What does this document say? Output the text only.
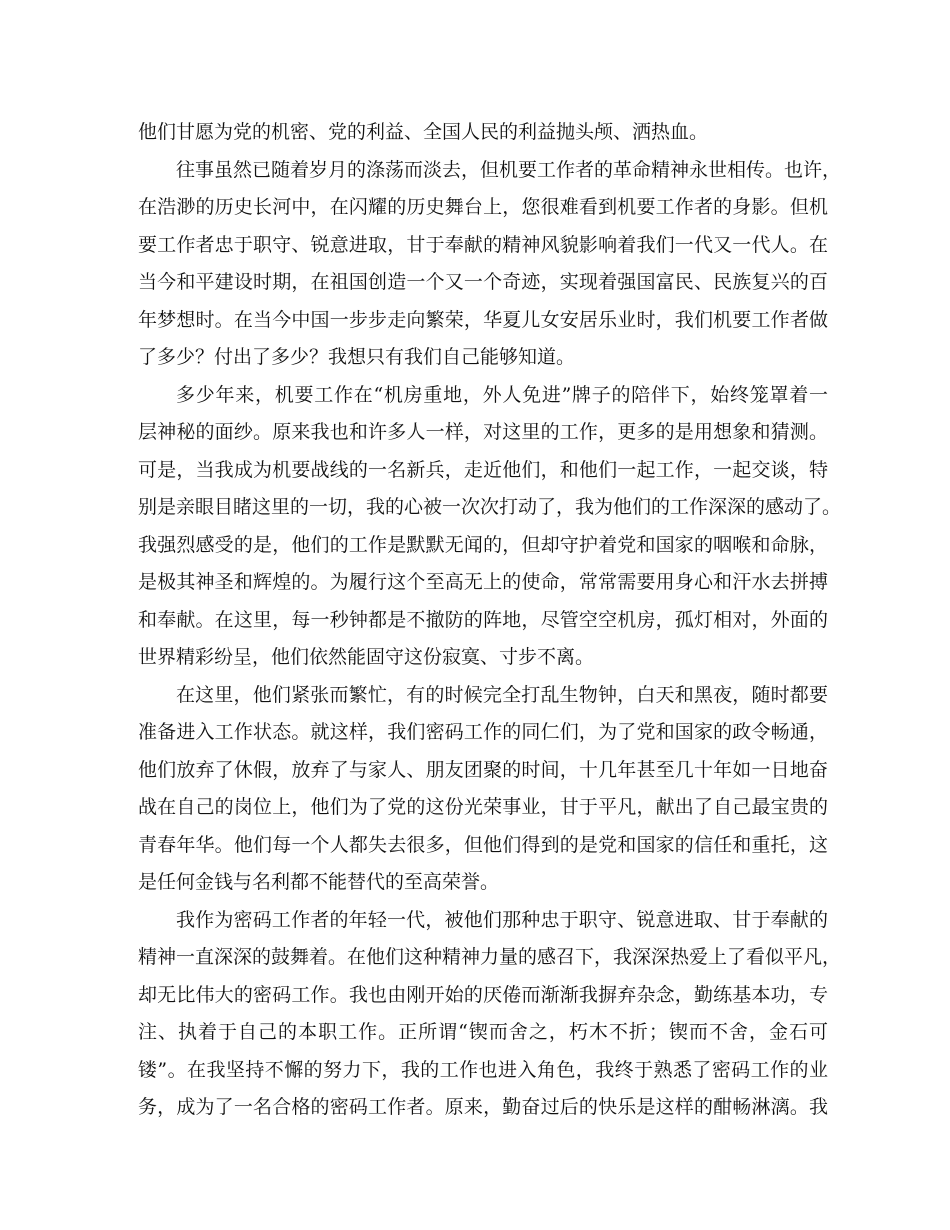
他们甘愿为党的机密、党的利益、全国人民的利益抛头颅、洒热血。
往事虽然已随着岁月的涤荡而淡去，但机要工作者的革命精神永世相传。也许，
在浩渺的历史长河中，在闪耀的历史舞台上，您很难看到机要工作者的身影。但机
要工作者忠于职守、锐意进取，甘于奉献的精神风貌影响着我们一代又一代人。在
当今和平建设时期，在祖国创造一个又一个奇迹，实现着强国富民、民族复兴的百
年梦想时。在当今中国一步步走向繁荣，华夏儿女安居乐业时，我们机要工作者做
了多少？付出了多少？我想只有我们自己能够知道。
多少年来，机要工作在“机房重地，外人免进”牌子的陪伴下，始终笼罩着一
层神秘的面纱。原来我也和许多人一样，对这里的工作，更多的是用想象和猜测。
可是，当我成为机要战线的一名新兵，走近他们，和他们一起工作，一起交谈，特
别是亲眼目睹这里的一切，我的心被一次次打动了，我为他们的工作深深的感动了。
我强烈感受的是，他们的工作是默默无闻的，但却守护着党和国家的咽喉和命脉，
是极其神圣和辉煌的。为履行这个至高无上的使命，常常需要用身心和汗水去拼搏
和奉献。在这里，每一秒钟都是不撤防的阵地，尽管空空机房，孤灯相对，外面的
世界精彩纷呈，他们依然能固守这份寂寞、寸步不离。
在这里，他们紧张而繁忙，有的时候完全打乱生物钟，白天和黑夜，随时都要
准备进入工作状态。就这样，我们密码工作的同仁们，为了党和国家的政令畅通，
他们放弃了休假，放弃了与家人、朋友团聚的时间，十几年甚至几十年如一日地奋
战在自己的岗位上，他们为了党的这份光荣事业，甘于平凡，献出了自己最宝贵的
青春年华。他们每一个人都失去很多，但他们得到的是党和国家的信任和重托，这
是任何金钱与名利都不能替代的至高荣誉。
我作为密码工作者的年轻一代，被他们那种忠于职守、锐意进取、甘于奉献的
精神一直深深的鼓舞着。在他们这种精神力量的感召下，我深深热爱上了看似平凡，
却无比伟大的密码工作。我也由刚开始的厌倦而渐渐我摒弃杂念，勤练基本功，专
注、执着于自己的本职工作。正所谓“锲而舍之，朽木不折；锲而不舍，金石可
镂”。在我坚持不懈的努力下，我的工作也进入角色，我终于熟悉了密码工作的业
务，成为了一名合格的密码工作者。原来，勤奋过后的快乐是这样的酣畅淋漓。我
